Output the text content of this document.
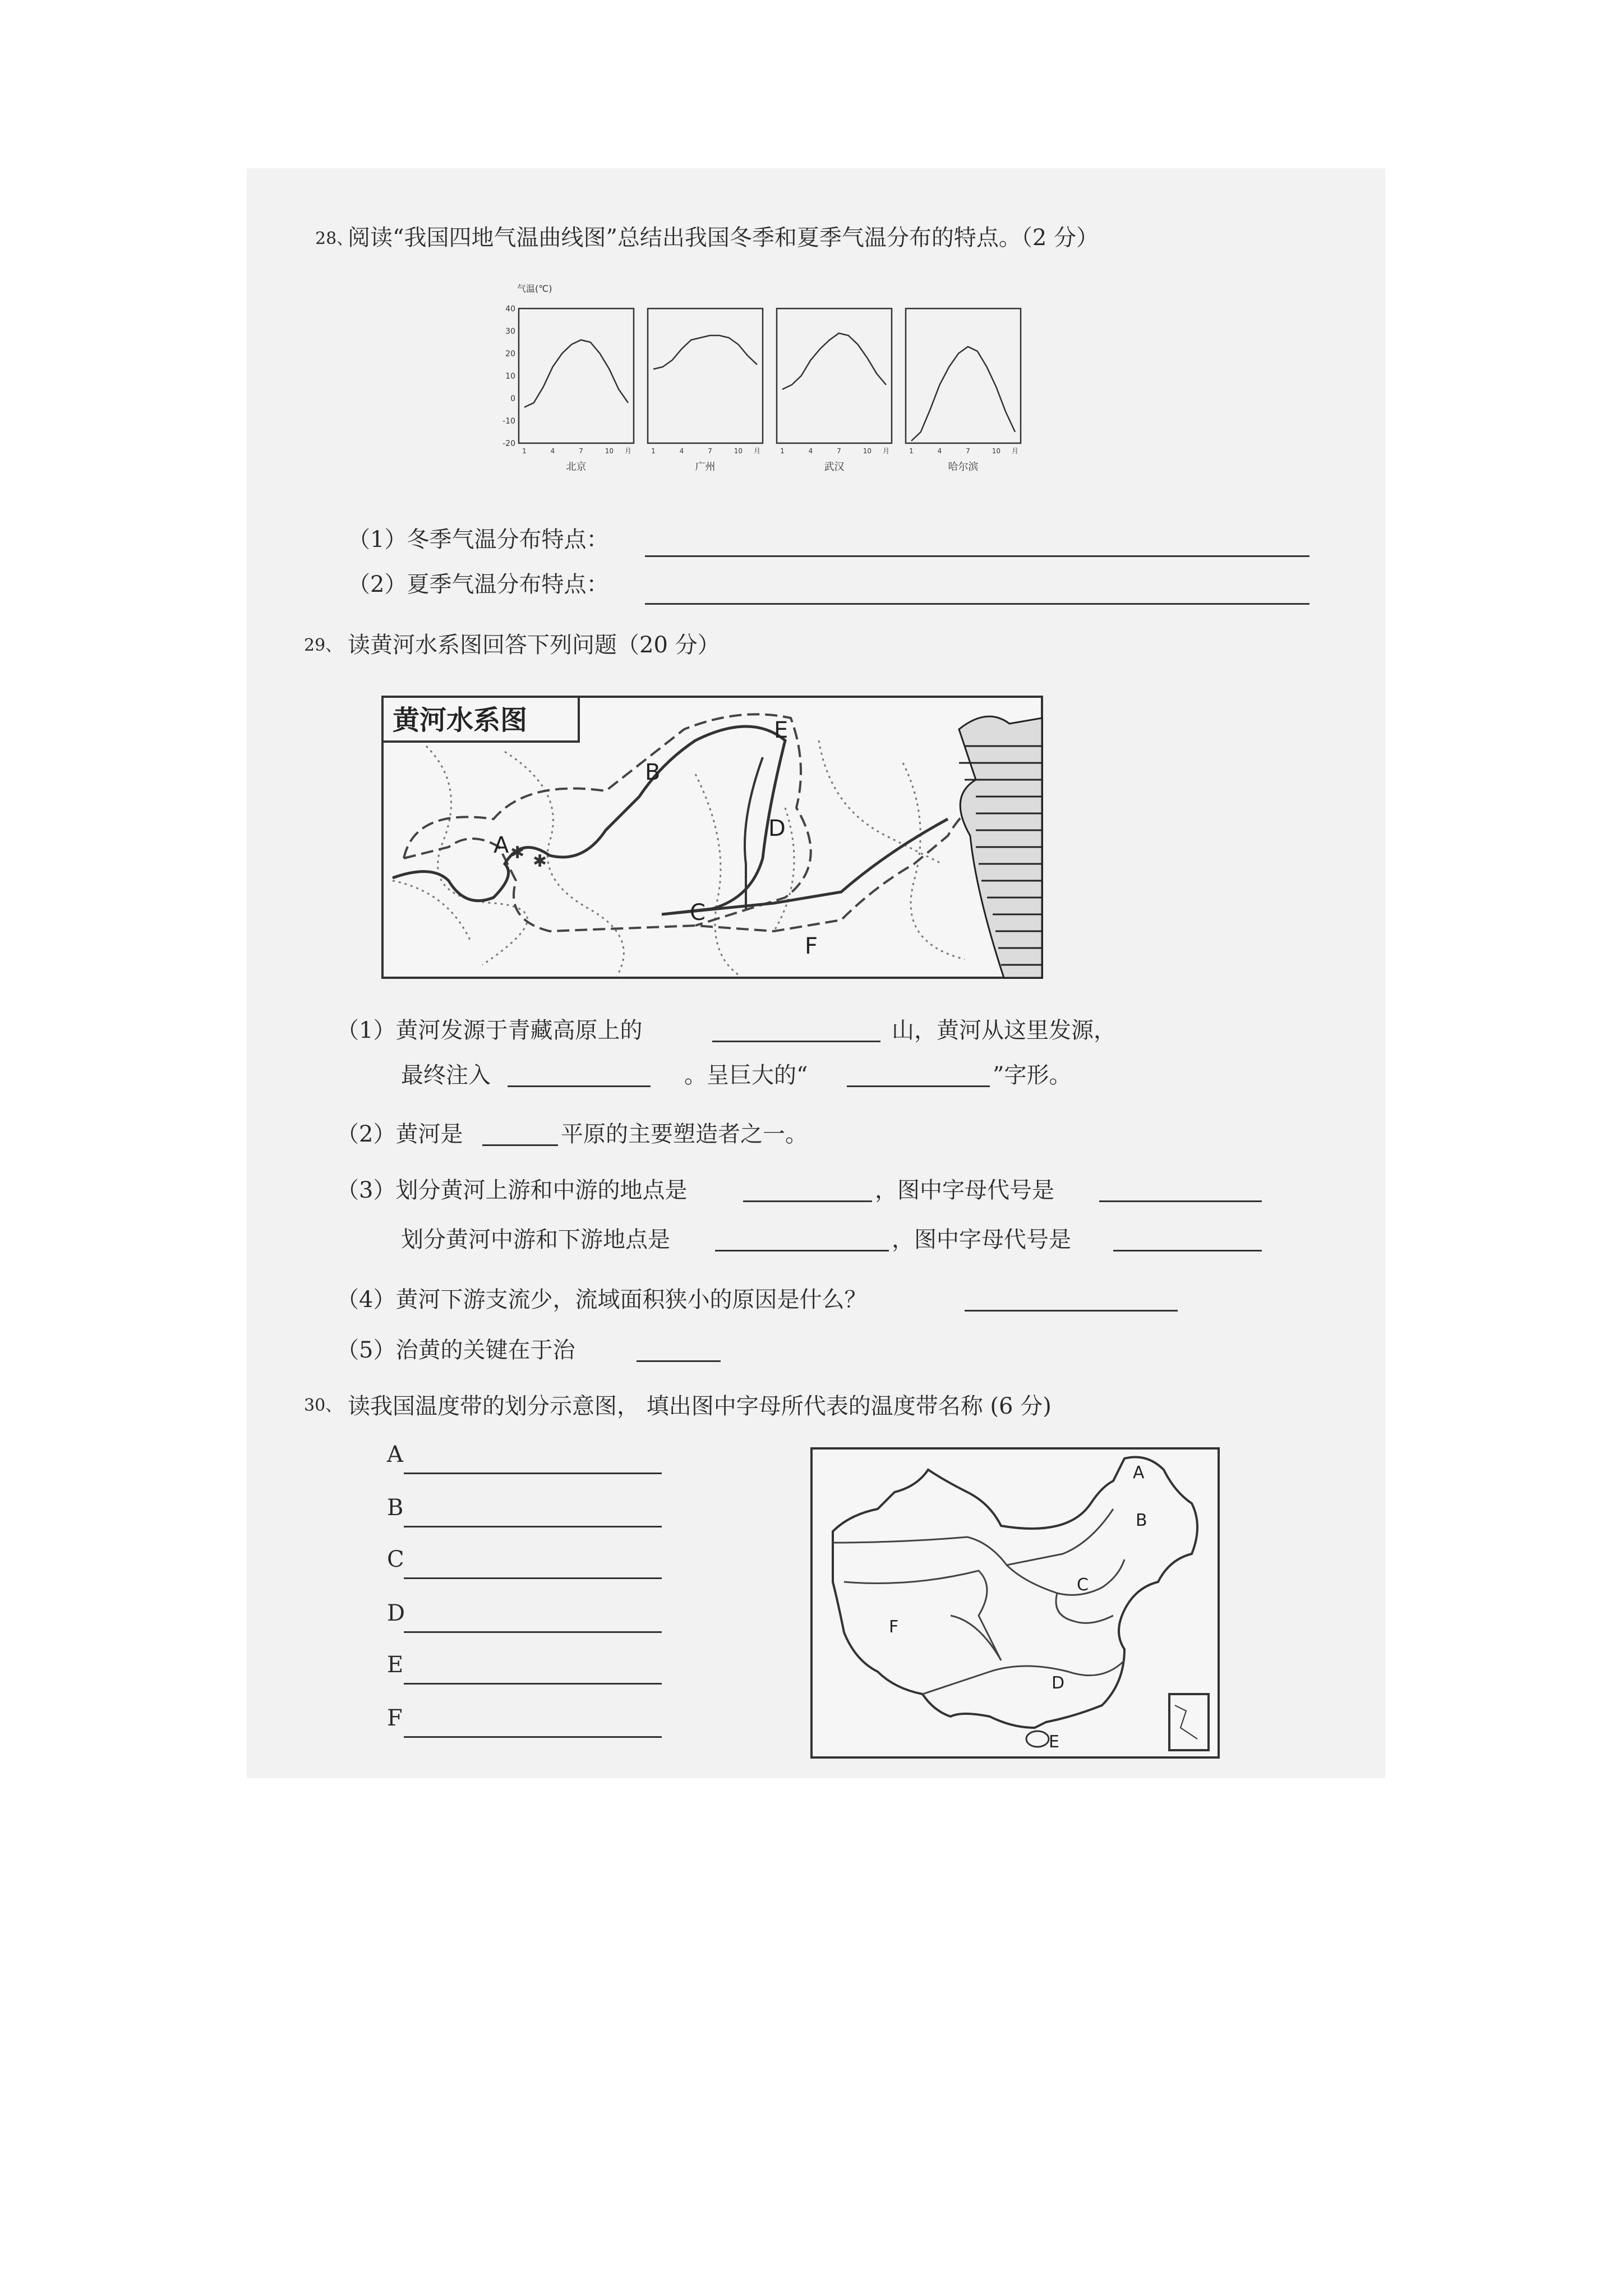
28、
阅读“我国四地气温曲线图”总结出我国冬季和夏季气温分布的特点。（2 分）
气温(℃)
40
30
20
10
0
-10
-20
1	4	7	10 月
北京
1	4	7	10 月
广州
1	4	7	10 月
武汉
1	4	7	10 月
哈尔滨
（1）冬季气温分布特点：
（2）夏季气温分布特点：
29、 读黄河水系图回答下列问题（20 分）
黄河水系图
✱ ✱
A
B
C
D
E
F
（1）黄河发源于青藏高原上的	山，黄河从这里发源，
最终注入	。呈巨大的“	”字形。
（2）黄河是	平原的主要塑造者之一。
（3）划分黄河上游和中游的地点是	，图中字母代号是
划分黄河中游和下游地点是	，图中字母代号是
（4）黄河下游支流少，流域面积狭小的原因是什么？
（5）治黄的关键在于治
30、 读我国温度带的划分示意图， 填出图中字母所代表的温度带名称 (6 分)
A
B
C
D
E
F
A
B
C
D
E
F
